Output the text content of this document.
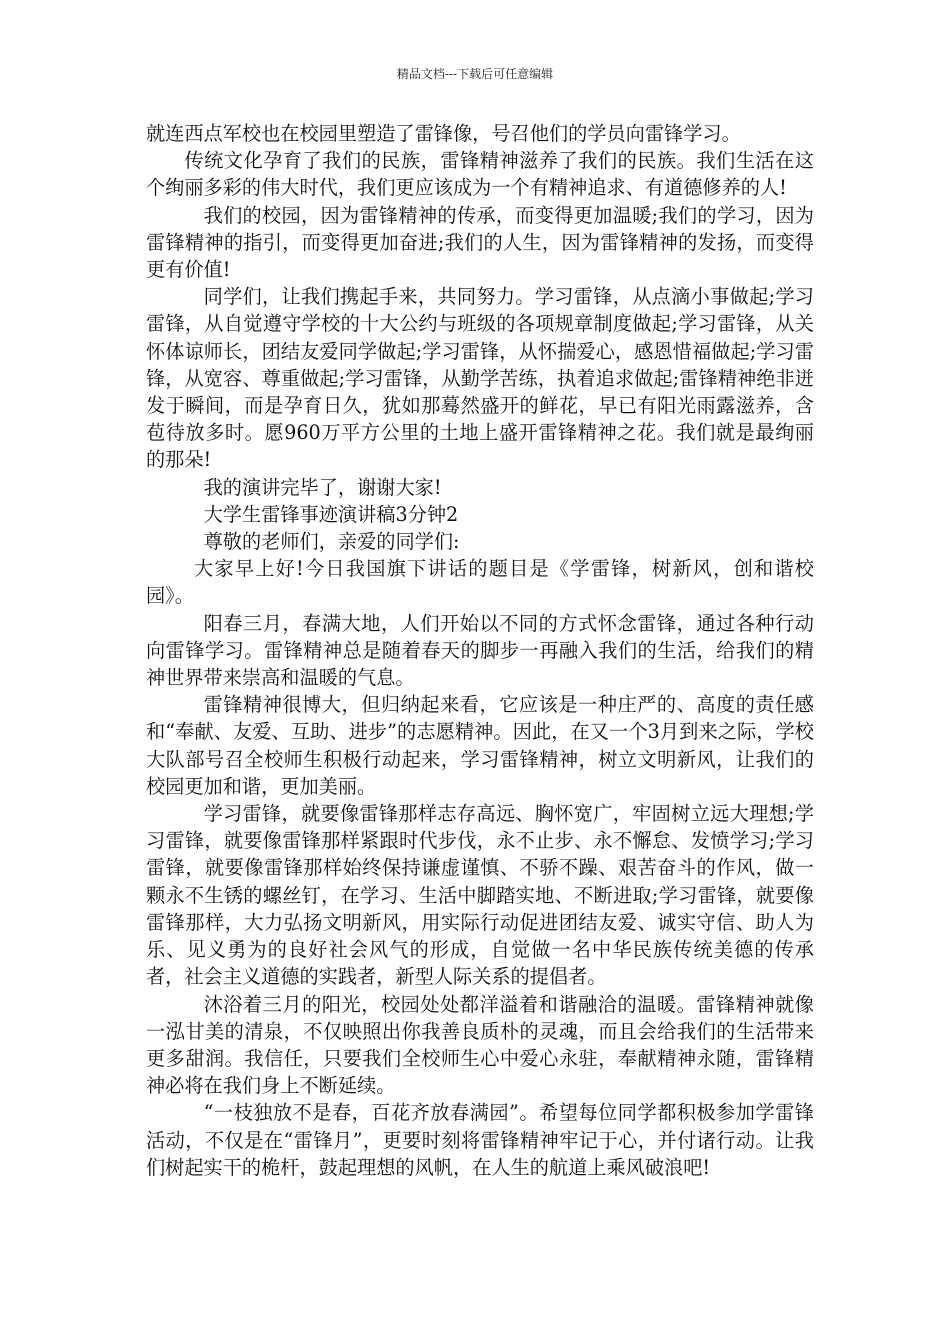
精品文档---下载后可任意编辑

就连西点军校也在校园里塑造了雷锋像，号召他们的学员向雷锋学习。

传统文化孕育了我们的民族，雷锋精神滋养了我们的民族。我们生活在这个绚丽多彩的伟大时代，我们更应该成为一个有精神追求、有道德修养的人!

我们的校园，因为雷锋精神的传承，而变得更加温暖;我们的学习，因为雷锋精神的指引，而变得更加奋进;我们的人生，因为雷锋精神的发扬，而变得更有价值!

同学们，让我们携起手来，共同努力。学习雷锋，从点滴小事做起;学习雷锋，从自觉遵守学校的十大公约与班级的各项规章制度做起;学习雷锋，从关怀体谅师长，团结友爱同学做起;学习雷锋，从怀揣爱心，感恩惜福做起;学习雷锋，从宽容、尊重做起;学习雷锋，从勤学苦练，执着追求做起;雷锋精神绝非迸发于瞬间，而是孕育日久，犹如那蓦然盛开的鲜花，早已有阳光雨露滋养，含苞待放多时。愿960万平方公里的土地上盛开雷锋精神之花。我们就是最绚丽的那朵!

我的演讲完毕了，谢谢大家!

大学生雷锋事迹演讲稿3分钟2

尊敬的老师们，亲爱的同学们:

大家早上好!今日我国旗下讲话的题目是《学雷锋，树新风，创和谐校园》。

阳春三月，春满大地，人们开始以不同的方式怀念雷锋，通过各种行动向雷锋学习。雷锋精神总是随着春天的脚步一再融入我们的生活，给我们的精神世界带来崇高和温暖的气息。

雷锋精神很博大，但归纳起来看，它应该是一种庄严的、高度的责任感和“奉献、友爱、互助、进步”的志愿精神。因此，在又一个3月到来之际，学校大队部号召全校师生积极行动起来，学习雷锋精神，树立文明新风，让我们的校园更加和谐，更加美丽。

学习雷锋，就要像雷锋那样志存高远、胸怀宽广，牢固树立远大理想;学习雷锋，就要像雷锋那样紧跟时代步伐，永不止步、永不懈怠、发愤学习;学习雷锋，就要像雷锋那样始终保持谦虚谨慎、不骄不躁、艰苦奋斗的作风，做一颗永不生锈的螺丝钉，在学习、生活中脚踏实地、不断进取;学习雷锋，就要像雷锋那样，大力弘扬文明新风，用实际行动促进团结友爱、诚实守信、助人为乐、见义勇为的良好社会风气的形成，自觉做一名中华民族传统美德的传承者，社会主义道德的实践者，新型人际关系的提倡者。

沐浴着三月的阳光，校园处处都洋溢着和谐融洽的温暖。雷锋精神就像一泓甘美的清泉，不仅映照出你我善良质朴的灵魂，而且会给我们的生活带来更多甜润。我信任，只要我们全校师生心中爱心永驻，奉献精神永随，雷锋精神必将在我们身上不断延续。

“一枝独放不是春，百花齐放春满园”。希望每位同学都积极参加学雷锋活动，不仅是在“雷锋月”，更要时刻将雷锋精神牢记于心，并付诸行动。让我们树起实干的桅杆，鼓起理想的风帆，在人生的航道上乘风破浪吧!
